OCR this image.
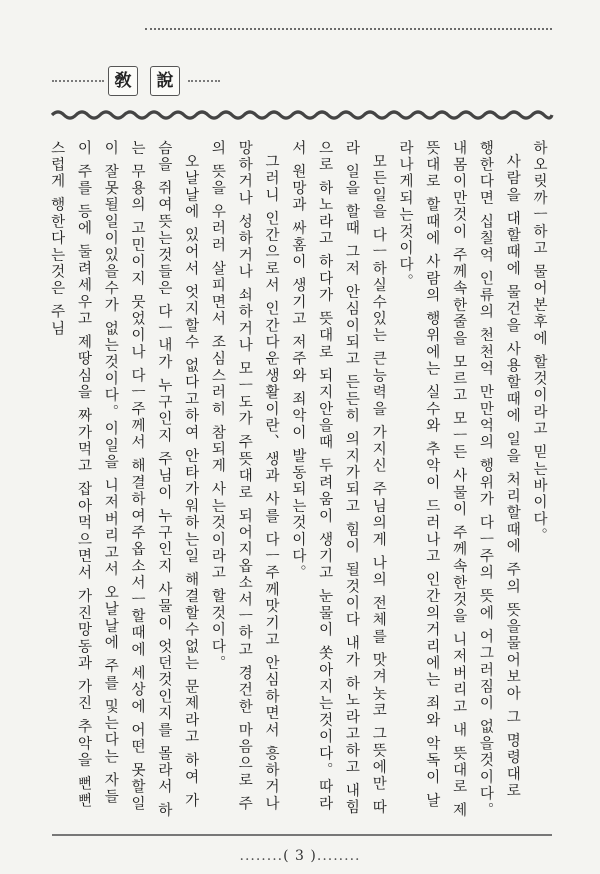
敎	說

하오릿까ㅡ하고 물어본후에 할것이라고 믿는바이다。

사람을 대할때에 물건을 사용할때에 일을 처리할때에 주의 뜻을물어보아 그 명령대로 행한다면 십칠억 인류의 천천억 만만억의 행위가 다ㅡ주의 뜻에 어그러짐이 없을것이다。내몸이만것이 주께속한줄을 모르고 모ㅡ든 사물이 주께속한것을 니저버리고 내 뜻대로 제뜻대로 할때에 사람의 행위에는 실수와 추악이 드러나고 인간의거리에는 죄와 악독이 날라나게되는것이다。

모든일을 다ㅡ하실수있는 큰능력을 가지신 주님의게 나의 전체를 맛겨놋코 그뜻에만 따라 일을 할때 그저 안심이되고 든든히 의지가되고 힘이 될것이다 내가 하노라고하고 내힘으로 하노라고 하다가 뜻대로 되지안을때 두려움이 생기고 눈물이 쏫아지는것이다。따라서 원망과 싸홈이 생기고 저주와 죄악이 발동되는것이다。

그러니 인간으로서 인간다운생활이란、생과 사를 다ㅡ주께맛기고 안심하면서 흥하거나 망하거나 성하거나 쇠하거나 모ㅡ도가 주뜻대로 되어지옵소서ㅡ하고 경건한 마음으로 주의 뜻을 우러러 살피면서 조심스러히 참되게 사는것이라고 할것이다。

오날날에 있어서 엇지할수 없다고하여 안타가워하는일 해결할수없는 문제라고 하여 가슴을 쥐여뜻는것들은 다ㅡ내가 누구인지 주님이 누구인지 사물이 엇던것인지를 몰라서 하는 무용의 고민이지 뭇었이나 다ㅡ주께서 해결하여주옵소서ㅡ할때에 세상에 어떤 못할일이 잘못될일이있을수가 없는것이다。이일을 니저버리고서 오날날에 주를 및는다는 자들이 주를 등에 둘려세우고 제땅심을 짜가먹고 잡아먹으면서 가진망동과 가진 추악을 뻔뻔스럽게 행한다는것은 주님

........( 3 )........
